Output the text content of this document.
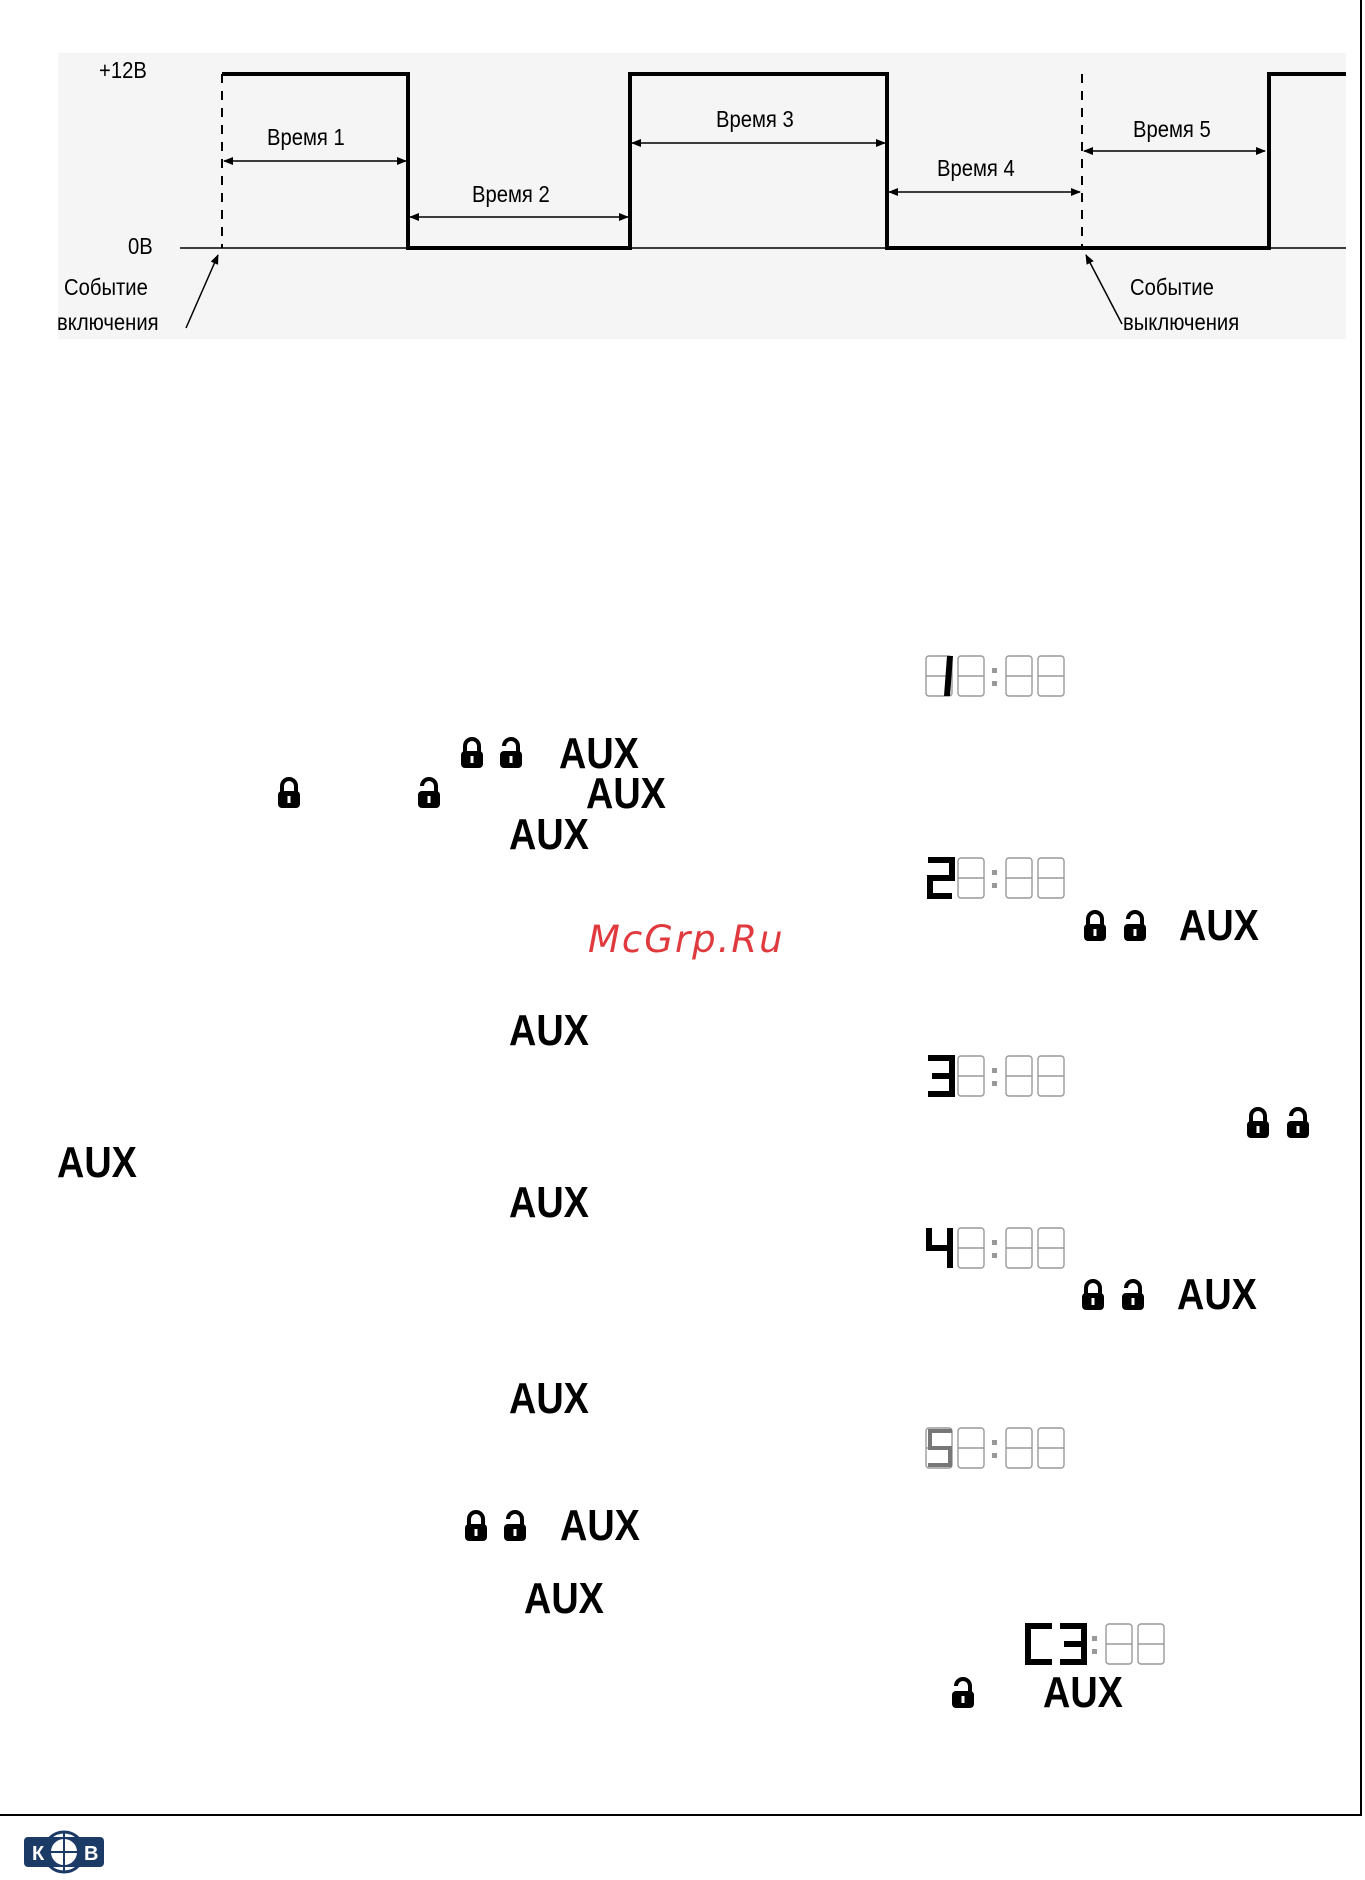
+12В
0В
Время 1
Время 2
Время 3
Время 4
Время 5
Событие
включения
Событие
выключения
AUX
AUX
AUX
AUX
AUX
AUX
AUX
AUX
AUX
AUX
AUX
AUX
McGrp.Ru
К В
